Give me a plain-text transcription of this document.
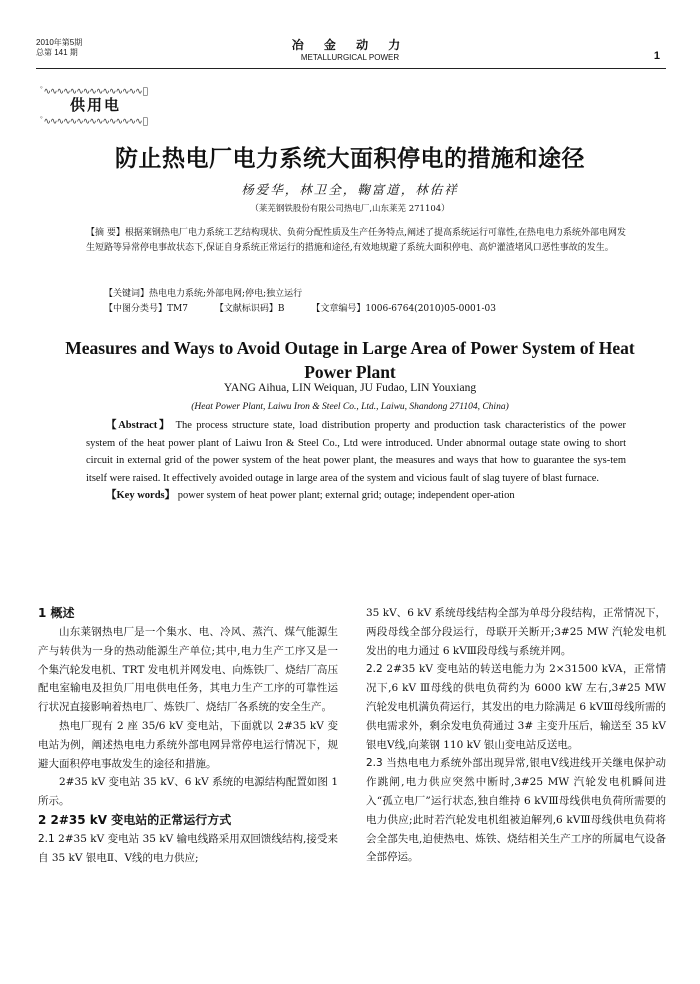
2010年第5期
总第 141 期
冶 金 动 力
METALLURGICAL POWER	1
ﾟ∿∿∿∿∿∿∿∿∿∿∿∿∿∿∿ﾟ
供用电
ﾟ∿∿∿∿∿∿∿∿∿∿∿∿∿∿∿ﾟ
防止热电厂电力系统大面积停电的措施和途径
杨爱华，林卫全，鞠富道，林佑祥
（莱芜钢铁股份有限公司热电厂,山东莱芜 271104）

【摘 要】根据莱钢热电厂电力系统工艺结构现状、负荷分配性质及生产任务特点,阐述了提高系统运行可靠性,在热电电力系统外部电网发生短路等异常停电事故状态下,保证自身系统正常运行的措施和途径,有效地规避了系统大面积停电、高炉灌渣堵风口恶性事故的发生。

【关键词】热电电力系统;外部电网;停电;独立运行
【中图分类号】TM7	【文献标识码】B	【文章编号】1006-6764(2010)05-0001-03
Measures and Ways to Avoid Outage in Large Area of Power System of Heat Power Plant
YANG Aihua, LIN Weiquan, JU Fudao, LIN Youxiang
(Heat Power Plant, Laiwu Iron & Steel Co., Ltd., Laiwu, Shandong 271104, China)

【Abstract】 The process structure state, load distribution property and production task characteristics of the power system of the heat power plant of Laiwu Iron & Steel Co., Ltd were introduced. Under abnormal outage state owing to short circuit in external grid of the power system of the heat power plant, the measures and ways that how to guarantee the sys-tem itself were raised. It effectively avoided outage in large area of the system and vicious fault of slag tuyere of blast furnace.

【Key words】 power system of heat power plant; external grid; outage; independent oper-ation

1 概述

山东莱钢热电厂是一个集水、电、冷风、蒸汽、煤气能源生产与转供为一身的热动能源生产单位;其中,电力生产工序又是一个集汽轮发电机、TRT 发电机并网发电、向炼铁厂、烧结厂高压配电室输电及担负厂用电供电任务，其电力生产工序的可靠性运行状况直接影响着热电厂、炼铁厂、烧结厂各系统的安全生产。

热电厂现有 2 座 35/6 kV 变电站，下面就以 2#35 kV 变电站为例，阐述热电电力系统外部电网异常停电运行情况下，规避大面积停电事故发生的途径和措施。

2#35 kV 变电站 35 kV、6 kV 系统的电源结构配置如图 1 所示。

2 2#35 kV 变电站的正常运行方式

2.1 2#35 kV 变电站 35 kV 输电线路采用双回馈线结构,接受来自 35 kV 银电Ⅱ、Ⅴ线的电力供应;

35 kV、6 kV 系统母线结构全部为单母分段结构，正常情况下，两段母线全部分段运行，母联开关断开;3#25 MW 汽轮发电机发出的电力通过 6 kVⅢ段母线与系统并网。

2.2 2#35 kV 变电站的转送电能力为 2×31500 kVA，正常情况下,6 kV Ⅲ母线的供电负荷约为 6000 kW 左右,3#25 MW 汽轮发电机满负荷运行，其发出的电力除满足 6 kVⅢ母线所需的供电需求外，剩余发电负荷通过 3# 主变升压后，输送至 35 kV 银电Ⅴ线,向莱钢 110 kV 银山变电站反送电。

2.3 当热电电力系统外部出现异常,银电Ⅴ线进线开关继电保护动作跳闸,电力供应突然中断时,3#25 MW 汽轮发电机瞬间进入“孤立电厂”运行状态,独自维持 6 kVⅢ母线供电负荷所需要的电力供应;此时若汽轮发电机组被迫解列,6 kVⅢ母线供电负荷将会全部失电,迫使热电、炼铁、烧结相关生产工序的所属电气设备全部停运。
